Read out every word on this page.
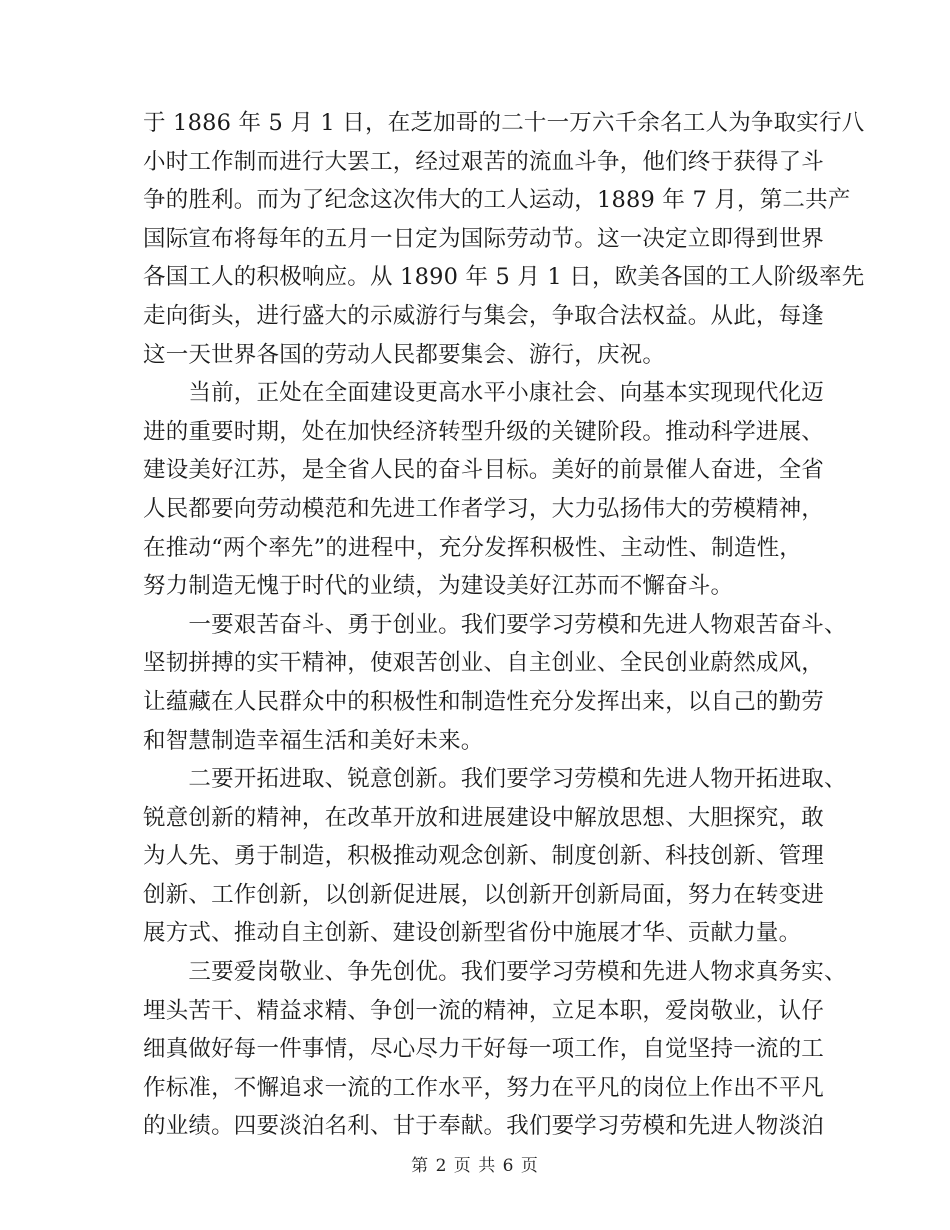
于 1886 年 5 月 1 日，在芝加哥的二十一万六千余名工人为争取实行八
小时工作制而进行大罢工，经过艰苦的流血斗争，他们终于获得了斗
争的胜利。而为了纪念这次伟大的工人运动，1889 年 7 月，第二共产
国际宣布将每年的五月一日定为国际劳动节。这一决定立即得到世界
各国工人的积极响应。从 1890 年 5 月 1 日，欧美各国的工人阶级率先
走向街头，进行盛大的示威游行与集会，争取合法权益。从此，每逢
这一天世界各国的劳动人民都要集会、游行，庆祝。
　　当前，正处在全面建设更高水平小康社会、向基本实现现代化迈
进的重要时期，处在加快经济转型升级的关键阶段。推动科学进展、
建设美好江苏，是全省人民的奋斗目标。美好的前景催人奋进，全省
人民都要向劳动模范和先进工作者学习，大力弘扬伟大的劳模精神，
在推动“两个率先”的进程中，充分发挥积极性、主动性、制造性，
努力制造无愧于时代的业绩，为建设美好江苏而不懈奋斗。
　　一要艰苦奋斗、勇于创业。我们要学习劳模和先进人物艰苦奋斗、
坚韧拼搏的实干精神，使艰苦创业、自主创业、全民创业蔚然成风，
让蕴藏在人民群众中的积极性和制造性充分发挥出来，以自己的勤劳
和智慧制造幸福生活和美好未来。
　　二要开拓进取、锐意创新。我们要学习劳模和先进人物开拓进取、
锐意创新的精神，在改革开放和进展建设中解放思想、大胆探究，敢
为人先、勇于制造，积极推动观念创新、制度创新、科技创新、管理
创新、工作创新，以创新促进展，以创新开创新局面，努力在转变进
展方式、推动自主创新、建设创新型省份中施展才华、贡献力量。
　　三要爱岗敬业、争先创优。我们要学习劳模和先进人物求真务实、
埋头苦干、精益求精、争创一流的精神，立足本职，爱岗敬业，认仔
细真做好每一件事情，尽心尽力干好每一项工作，自觉坚持一流的工
作标准，不懈追求一流的工作水平，努力在平凡的岗位上作出不平凡
的业绩。四要淡泊名利、甘于奉献。我们要学习劳模和先进人物淡泊
第 2 页 共 6 页
